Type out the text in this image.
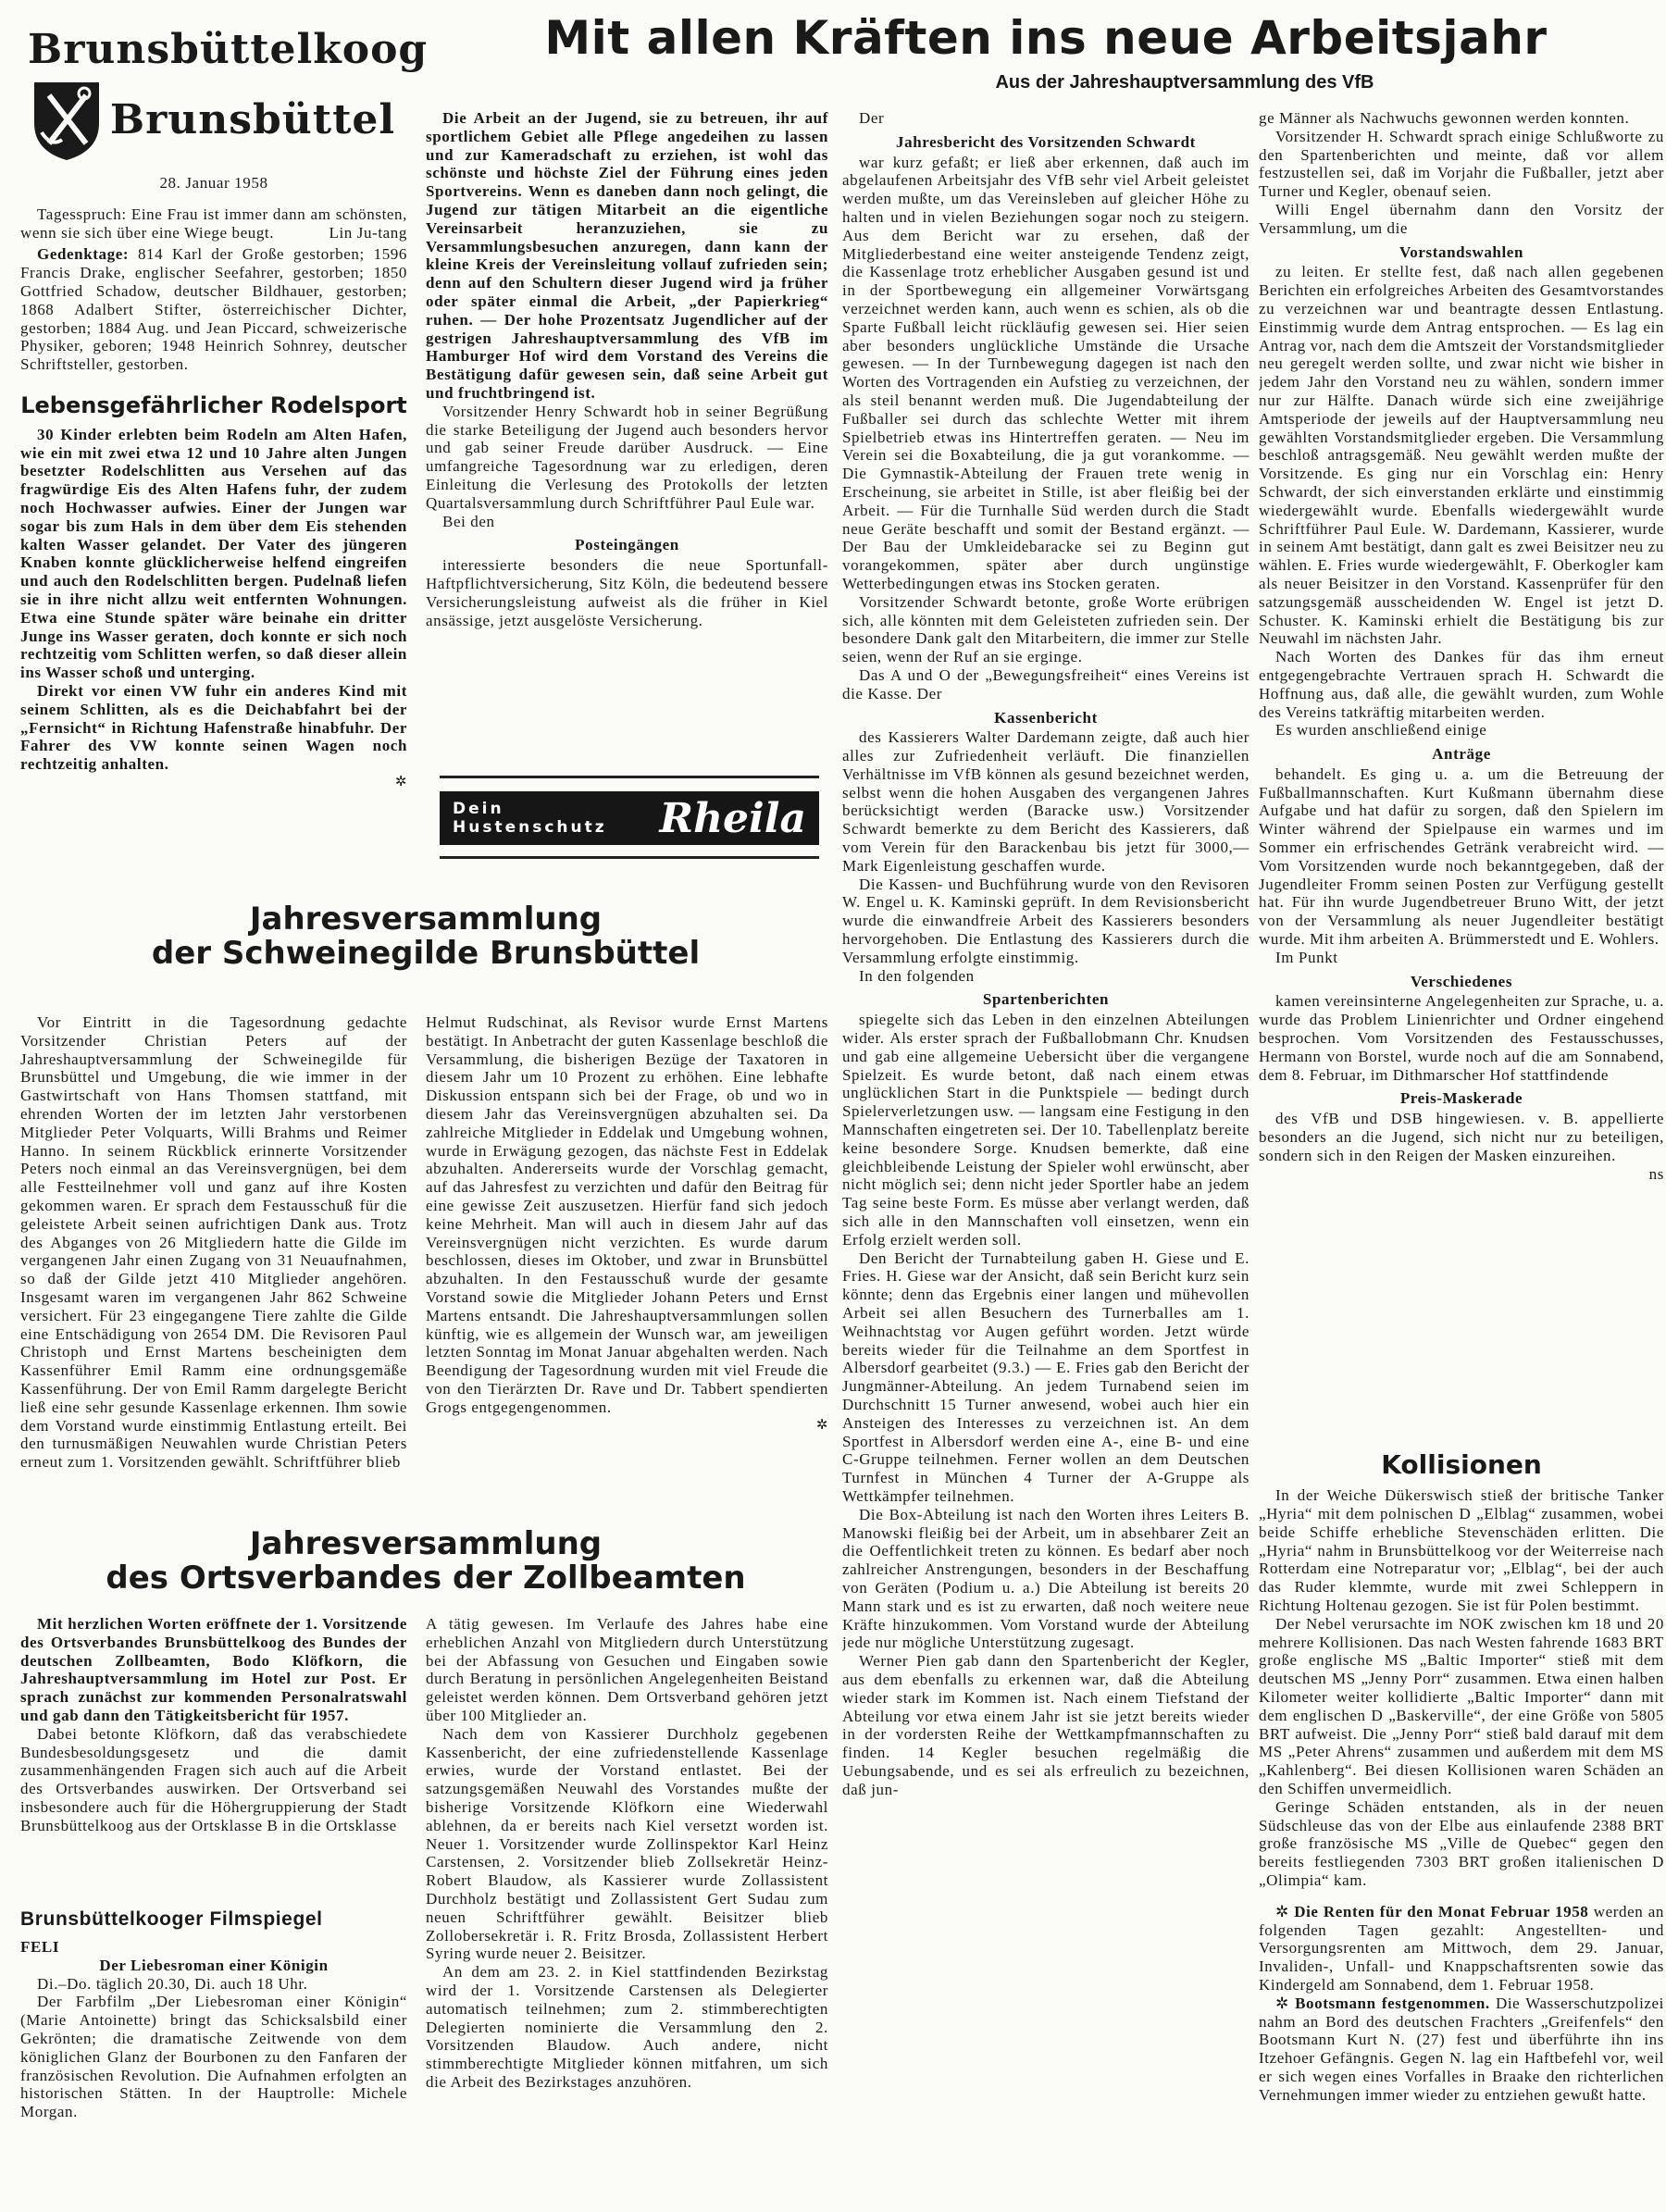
Brunsbüttelkoog
Brunsbüttel
Mit allen Kräften ins neue Arbeitsjahr
Aus der Jahreshauptversammlung des VfB
28. Januar 1958

Tagesspruch: Eine Frau ist immer dann am schönsten, wenn sie sich über eine Wiege beugt.	Lin Ju-tang

Gedenktage: 814 Karl der Große gestorben; 1596 Francis Drake, englischer Seefahrer, gestorben; 1850 Gottfried Schadow, deutscher Bildhauer, gestorben; 1868 Adalbert Stifter, österreichischer Dichter, gestorben; 1884 Aug. und Jean Piccard, schweizerische Physiker, geboren; 1948 Heinrich Sohnrey, deutscher Schriftsteller, gestorben.

Lebensgefährlicher Rodelsport

30 Kinder erlebten beim Rodeln am Alten Hafen, wie ein mit zwei etwa 12 und 10 Jahre alten Jungen besetzter Rodelschlitten aus Versehen auf das fragwürdige Eis des Alten Hafens fuhr, der zudem noch Hochwasser aufwies. Einer der Jungen war sogar bis zum Hals in dem über dem Eis stehenden kalten Wasser gelandet. Der Vater des jüngeren Knaben konnte glücklicherweise helfend eingreifen und auch den Rodelschlitten bergen. Pudelnaß liefen sie in ihre nicht allzu weit entfernten Wohnungen. Etwa eine Stunde später wäre beinahe ein dritter Junge ins Wasser geraten, doch konnte er sich noch rechtzeitig vom Schlitten werfen, so daß dieser allein ins Wasser schoß und unterging.

Direkt vor einen VW fuhr ein anderes Kind mit seinem Schlitten, als es die Deichabfahrt bei der „Fernsicht“ in Richtung Hafenstraße hinabfuhr. Der Fahrer des VW konnte seinen Wagen noch rechtzeitig anhalten.

✲

Die Arbeit an der Jugend, sie zu betreuen, ihr auf sportlichem Gebiet alle Pflege angedeihen zu lassen und zur Kameradschaft zu erziehen, ist wohl das schönste und höchste Ziel der Führung eines jeden Sportvereins. Wenn es daneben dann noch gelingt, die Jugend zur tätigen Mitarbeit an die eigentliche Vereinsarbeit heranzuziehen, sie zu Versammlungsbesuchen anzuregen, dann kann der kleine Kreis der Vereinsleitung vollauf zufrieden sein; denn auf den Schultern dieser Jugend wird ja früher oder später einmal die Arbeit, „der Papierkrieg“ ruhen. — Der hohe Prozentsatz Jugendlicher auf der gestrigen Jahreshauptversammlung des VfB im Hamburger Hof wird dem Vorstand des Vereins die Bestätigung dafür gewesen sein, daß seine Arbeit gut und fruchtbringend ist.

Vorsitzender Henry Schwardt hob in seiner Begrüßung die starke Beteiligung der Jugend auch besonders hervor und gab seiner Freude darüber Ausdruck. — Eine umfangreiche Tagesordnung war zu erledigen, deren Einleitung die Verlesung des Protokolls der letzten Quartalsversammlung durch Schriftführer Paul Eule war.

Bei den

Posteingängen

interessierte besonders die neue Sportunfall-Haftpflichtversicherung, Sitz Köln, die bedeutend bessere Versicherungsleistung aufweist als die früher in Kiel ansässige, jetzt ausgelöste Versicherung.

Dein
Hustenschutz Rheila

Der

Jahresbericht des Vorsitzenden Schwardt

war kurz gefaßt; er ließ aber erkennen, daß auch im abgelaufenen Arbeitsjahr des VfB sehr viel Arbeit geleistet werden mußte, um das Vereinsleben auf gleicher Höhe zu halten und in vielen Beziehungen sogar noch zu steigern. Aus dem Bericht war zu ersehen, daß der Mitgliederbestand eine weiter ansteigende Tendenz zeigt, die Kassenlage trotz erheblicher Ausgaben gesund ist und in der Sportbewegung ein allgemeiner Vorwärtsgang verzeichnet werden kann, auch wenn es schien, als ob die Sparte Fußball leicht rückläufig gewesen sei. Hier seien aber besonders unglückliche Umstände die Ursache gewesen. — In der Turnbewegung dagegen ist nach den Worten des Vortragenden ein Aufstieg zu verzeichnen, der als steil benannt werden muß. Die Jugendabteilung der Fußballer sei durch das schlechte Wetter mit ihrem Spielbetrieb etwas ins Hintertreffen geraten. — Neu im Verein sei die Boxabteilung, die ja gut vorankomme. — Die Gymnastik-Abteilung der Frauen trete wenig in Erscheinung, sie arbeitet in Stille, ist aber fleißig bei der Arbeit. — Für die Turnhalle Süd werden durch die Stadt neue Geräte beschafft und somit der Bestand ergänzt. — Der Bau der Umkleidebaracke sei zu Beginn gut vorangekommen, später aber durch ungünstige Wetterbedingungen etwas ins Stocken geraten.

Vorsitzender Schwardt betonte, große Worte erübrigen sich, alle könnten mit dem Geleisteten zufrieden sein. Der besondere Dank galt den Mitarbeitern, die immer zur Stelle seien, wenn der Ruf an sie erginge.

Das A und O der „Bewegungsfreiheit“ eines Vereins ist die Kasse. Der

Kassenbericht

des Kassierers Walter Dardemann zeigte, daß auch hier alles zur Zufriedenheit verläuft. Die finanziellen Verhältnisse im VfB können als gesund bezeichnet werden, selbst wenn die hohen Ausgaben des vergangenen Jahres berücksichtigt werden (Baracke usw.) Vorsitzender Schwardt bemerkte zu dem Bericht des Kassierers, daß vom Verein für den Barackenbau bis jetzt für 3000,— Mark Eigenleistung geschaffen wurde.

Die Kassen- und Buchführung wurde von den Revisoren W. Engel u. K. Kaminski geprüft. In dem Revisionsbericht wurde die einwandfreie Arbeit des Kassierers besonders hervorgehoben. Die Entlastung des Kassierers durch die Versammlung erfolgte einstimmig.

In den folgenden

Spartenberichten

spiegelte sich das Leben in den einzelnen Abteilungen wider. Als erster sprach der Fußballobmann Chr. Knudsen und gab eine allgemeine Uebersicht über die vergangene Spielzeit. Es wurde betont, daß nach einem etwas unglücklichen Start in die Punktspiele — bedingt durch Spielerverletzungen usw. — langsam eine Festigung in den Mannschaften eingetreten sei. Der 10. Tabellenplatz bereite keine besondere Sorge. Knudsen bemerkte, daß eine gleichbleibende Leistung der Spieler wohl erwünscht, aber nicht möglich sei; denn nicht jeder Sportler habe an jedem Tag seine beste Form. Es müsse aber verlangt werden, daß sich alle in den Mannschaften voll einsetzen, wenn ein Erfolg erzielt werden soll.

Den Bericht der Turnabteilung gaben H. Giese und E. Fries. H. Giese war der Ansicht, daß sein Bericht kurz sein könnte; denn das Ergebnis einer langen und mühevollen Arbeit sei allen Besuchern des Turnerballes am 1. Weihnachtstag vor Augen geführt worden. Jetzt würde bereits wieder für die Teilnahme an dem Sportfest in Albersdorf gearbeitet (9.3.) — E. Fries gab den Bericht der Jungmänner-Abteilung. An jedem Turnabend seien im Durchschnitt 15 Turner anwesend, wobei auch hier ein Ansteigen des Interesses zu verzeichnen ist. An dem Sportfest in Albersdorf werden eine A-, eine B- und eine C-Gruppe teilnehmen. Ferner wollen an dem Deutschen Turnfest in München 4 Turner der A-Gruppe als Wettkämpfer teilnehmen.

Die Box-Abteilung ist nach den Worten ihres Leiters B. Manowski fleißig bei der Arbeit, um in absehbarer Zeit an die Oeffentlichkeit treten zu können. Es bedarf aber noch zahlreicher Anstrengungen, besonders in der Beschaffung von Geräten (Podium u. a.) Die Abteilung ist bereits 20 Mann stark und es ist zu erwarten, daß noch weitere neue Kräfte hinzukommen. Vom Vorstand wurde der Abteilung jede nur mögliche Unterstützung zugesagt.

Werner Pien gab dann den Spartenbericht der Kegler, aus dem ebenfalls zu erkennen war, daß die Abteilung wieder stark im Kommen ist. Nach einem Tiefstand der Abteilung vor etwa einem Jahr ist sie jetzt bereits wieder in der vordersten Reihe der Wettkampfmannschaften zu finden. 14 Kegler besuchen regelmäßig die Uebungsabende, und es sei als erfreulich zu bezeichnen, daß jun-

ge Männer als Nachwuchs gewonnen werden konnten.

Vorsitzender H. Schwardt sprach einige Schlußworte zu den Spartenberichten und meinte, daß vor allem festzustellen sei, daß im Vorjahr die Fußballer, jetzt aber Turner und Kegler, obenauf seien.

Willi Engel übernahm dann den Vorsitz der Versammlung, um die

Vorstandswahlen

zu leiten. Er stellte fest, daß nach allen gegebenen Berichten ein erfolgreiches Arbeiten des Gesamtvorstandes zu verzeichnen war und beantragte dessen Entlastung. Einstimmig wurde dem Antrag entsprochen. — Es lag ein Antrag vor, nach dem die Amtszeit der Vorstandsmitglieder neu geregelt werden sollte, und zwar nicht wie bisher in jedem Jahr den Vorstand neu zu wählen, sondern immer nur zur Hälfte. Danach würde sich eine zweijährige Amtsperiode der jeweils auf der Hauptversammlung neu gewählten Vorstandsmitglieder ergeben. Die Versammlung beschloß antragsgemäß. Neu gewählt werden mußte der Vorsitzende. Es ging nur ein Vorschlag ein: Henry Schwardt, der sich einverstanden erklärte und einstimmig wiedergewählt wurde. Ebenfalls wiedergewählt wurde Schriftführer Paul Eule. W. Dardemann, Kassierer, wurde in seinem Amt bestätigt, dann galt es zwei Beisitzer neu zu wählen. E. Fries wurde wiedergewählt, F. Oberkogler kam als neuer Beisitzer in den Vorstand. Kassenprüfer für den satzungsgemäß ausscheidenden W. Engel ist jetzt D. Schuster. K. Kaminski erhielt die Bestätigung bis zur Neuwahl im nächsten Jahr.

Nach Worten des Dankes für das ihm erneut entgegengebrachte Vertrauen sprach H. Schwardt die Hoffnung aus, daß alle, die gewählt wurden, zum Wohle des Vereins tatkräftig mitarbeiten werden.

Es wurden anschließend einige

Anträge

behandelt. Es ging u. a. um die Betreuung der Fußballmannschaften. Kurt Kußmann übernahm diese Aufgabe und hat dafür zu sorgen, daß den Spielern im Winter während der Spielpause ein warmes und im Sommer ein erfrischendes Getränk verabreicht wird. — Vom Vorsitzenden wurde noch bekanntgegeben, daß der Jugendleiter Fromm seinen Posten zur Verfügung gestellt hat. Für ihn wurde Jugendbetreuer Bruno Witt, der jetzt von der Versammlung als neuer Jugendleiter bestätigt wurde. Mit ihm arbeiten A. Brümmerstedt und E. Wohlers.

Im Punkt

Verschiedenes

kamen vereinsinterne Angelegenheiten zur Sprache, u. a. wurde das Problem Linienrichter und Ordner eingehend besprochen. Vom Vorsitzenden des Festausschusses, Hermann von Borstel, wurde noch auf die am Sonnabend, dem 8. Februar, im Dithmarscher Hof stattfindende

Preis-Maskerade

des VfB und DSB hingewiesen. v. B. appellierte besonders an die Jugend, sich nicht nur zu beteiligen, sondern sich in den Reigen der Masken einzureihen.

ns
Kollisionen

In der Weiche Dükerswisch stieß der britische Tanker „Hyria“ mit dem polnischen D „Elblag“ zusammen, wobei beide Schiffe erhebliche Stevenschäden erlitten. Die „Hyria“ nahm in Brunsbüttelkoog vor der Weiterreise nach Rotterdam eine Notreparatur vor; „Elblag“, bei der auch das Ruder klemmte, wurde mit zwei Schleppern in Richtung Holtenau gezogen. Sie ist für Polen bestimmt.

Der Nebel verursachte im NOK zwischen km 18 und 20 mehrere Kollisionen. Das nach Westen fahrende 1683 BRT große englische MS „Baltic Importer“ stieß mit dem deutschen MS „Jenny Porr“ zusammen. Etwa einen halben Kilometer weiter kollidierte „Baltic Importer“ dann mit dem englischen D „Baskerville“, der eine Größe von 5805 BRT aufweist. Die „Jenny Porr“ stieß bald darauf mit dem MS „Peter Ahrens“ zusammen und außerdem mit dem MS „Kahlenberg“. Bei diesen Kollisionen waren Schäden an den Schiffen unvermeidlich.

Geringe Schäden entstanden, als in der neuen Südschleuse das von der Elbe aus einlaufende 2388 BRT große französische MS „Ville de Quebec“ gegen den bereits festliegenden 7303 BRT großen italienischen D „Olimpia“ kam.

✲ Die Renten für den Monat Februar 1958 werden an folgenden Tagen gezahlt: Angestellten- und Versorgungsrenten am Mittwoch, dem 29. Januar, Invaliden-, Unfall- und Knappschaftsrenten sowie das Kindergeld am Sonnabend, dem 1. Februar 1958.

✲ Bootsmann festgenommen. Die Wasserschutzpolizei nahm an Bord des deutschen Frachters „Greifenfels“ den Bootsmann Kurt N. (27) fest und überführte ihn ins Itzehoer Gefängnis. Gegen N. lag ein Haftbefehl vor, weil er sich wegen eines Vorfalles in Braake den richterlichen Vernehmungen immer wieder zu entziehen gewußt hatte.

Jahresversammlung
der Schweinegilde Brunsbüttel

Vor Eintritt in die Tagesordnung gedachte Vorsitzender Christian Peters auf der Jahreshauptversammlung der Schweinegilde für Brunsbüttel und Umgebung, die wie immer in der Gastwirtschaft von Hans Thomsen stattfand, mit ehrenden Worten der im letzten Jahr verstorbenen Mitglieder Peter Volquarts, Willi Brahms und Reimer Hanno. In seinem Rückblick erinnerte Vorsitzender Peters noch einmal an das Vereinsvergnügen, bei dem alle Festteilnehmer voll und ganz auf ihre Kosten gekommen waren. Er sprach dem Festausschuß für die geleistete Arbeit seinen aufrichtigen Dank aus. Trotz des Abganges von 26 Mitgliedern hatte die Gilde im vergangenen Jahr einen Zugang von 31 Neuaufnahmen, so daß der Gilde jetzt 410 Mitglieder angehören. Insgesamt waren im vergangenen Jahr 862 Schweine versichert. Für 23 eingegangene Tiere zahlte die Gilde eine Entschädigung von 2654 DM. Die Revisoren Paul Christoph und Ernst Martens bescheinigten dem Kassenführer Emil Ramm eine ordnungsgemäße Kassenführung. Der von Emil Ramm dargelegte Bericht ließ eine sehr gesunde Kassenlage erkennen. Ihm sowie dem Vorstand wurde einstimmig Entlastung erteilt. Bei den turnusmäßigen Neuwahlen wurde Christian Peters erneut zum 1. Vorsitzenden gewählt. Schriftführer blieb

Helmut Rudschinat, als Revisor wurde Ernst Martens bestätigt. In Anbetracht der guten Kassenlage beschloß die Versammlung, die bisherigen Bezüge der Taxatoren in diesem Jahr um 10 Prozent zu erhöhen. Eine lebhafte Diskussion entspann sich bei der Frage, ob und wo in diesem Jahr das Vereinsvergnügen abzuhalten sei. Da zahlreiche Mitglieder in Eddelak und Umgebung wohnen, wurde in Erwägung gezogen, das nächste Fest in Eddelak abzuhalten. Andererseits wurde der Vorschlag gemacht, auf das Jahresfest zu verzichten und dafür den Beitrag für eine gewisse Zeit auszusetzen. Hierfür fand sich jedoch keine Mehrheit. Man will auch in diesem Jahr auf das Vereinsvergnügen nicht verzichten. Es wurde darum beschlossen, dieses im Oktober, und zwar in Brunsbüttel abzuhalten. In den Festausschuß wurde der gesamte Vorstand sowie die Mitglieder Johann Peters und Ernst Martens entsandt. Die Jahreshauptversammlungen sollen künftig, wie es allgemein der Wunsch war, am jeweiligen letzten Sonntag im Monat Januar abgehalten werden. Nach Beendigung der Tagesordnung wurden mit viel Freude die von den Tierärzten Dr. Rave und Dr. Tabbert spendierten Grogs entgegengenommen.

✲
Jahresversammlung
des Ortsverbandes der Zollbeamten

Mit herzlichen Worten eröffnete der 1. Vorsitzende des Ortsverbandes Brunsbüttelkoog des Bundes der deutschen Zollbeamten, Bodo Klöfkorn, die Jahreshauptversammlung im Hotel zur Post. Er sprach zunächst zur kommenden Personalratswahl und gab dann den Tätigkeitsbericht für 1957.

Dabei betonte Klöfkorn, daß das verabschiedete Bundesbesoldungsgesetz und die damit zusammenhängenden Fragen sich auch auf die Arbeit des Ortsverbandes auswirken. Der Ortsverband sei insbesondere auch für die Höhergruppierung der Stadt Brunsbüttelkoog aus der Ortsklasse B in die Ortsklasse

A tätig gewesen. Im Verlaufe des Jahres habe eine erheblichen Anzahl von Mitgliedern durch Unterstützung bei der Abfassung von Gesuchen und Eingaben sowie durch Beratung in persönlichen Angelegenheiten Beistand geleistet werden können. Dem Ortsverband gehören jetzt über 100 Mitglieder an.

Nach dem von Kassierer Durchholz gegebenen Kassenbericht, der eine zufriedenstellende Kassenlage erwies, wurde der Vorstand entlastet. Bei der satzungsgemäßen Neuwahl des Vorstandes mußte der bisherige Vorsitzende Klöfkorn eine Wiederwahl ablehnen, da er bereits nach Kiel versetzt worden ist. Neuer 1. Vorsitzender wurde Zollinspektor Karl Heinz Carstensen, 2. Vorsitzender blieb Zollsekretär Heinz-Robert Blaudow, als Kassierer wurde Zollassistent Durchholz bestätigt und Zollassistent Gert Sudau zum neuen Schriftführer gewählt. Beisitzer blieb Zollobersekretär i. R. Fritz Brosda, Zollassistent Herbert Syring wurde neuer 2. Beisitzer.

An dem am 23. 2. in Kiel stattfindenden Bezirkstag wird der 1. Vorsitzende Carstensen als Delegierter automatisch teilnehmen; zum 2. stimmberechtigten Delegierten nominierte die Versammlung den 2. Vorsitzenden Blaudow. Auch andere, nicht stimmberechtigte Mitglieder können mitfahren, um sich die Arbeit des Bezirkstages anzuhören.

Brunsbüttelkooger Filmspiegel
FELI
Der Liebesroman einer Königin

Di.–Do. täglich 20.30, Di. auch 18 Uhr.

Der Farbfilm „Der Liebesroman einer Königin“ (Marie Antoinette) bringt das Schicksalsbild einer Gekrönten; die dramatische Zeitwende von dem königlichen Glanz der Bourbonen zu den Fanfaren der französischen Revolution. Die Aufnahmen erfolgten an historischen Stätten. In der Hauptrolle: Michele Morgan.
